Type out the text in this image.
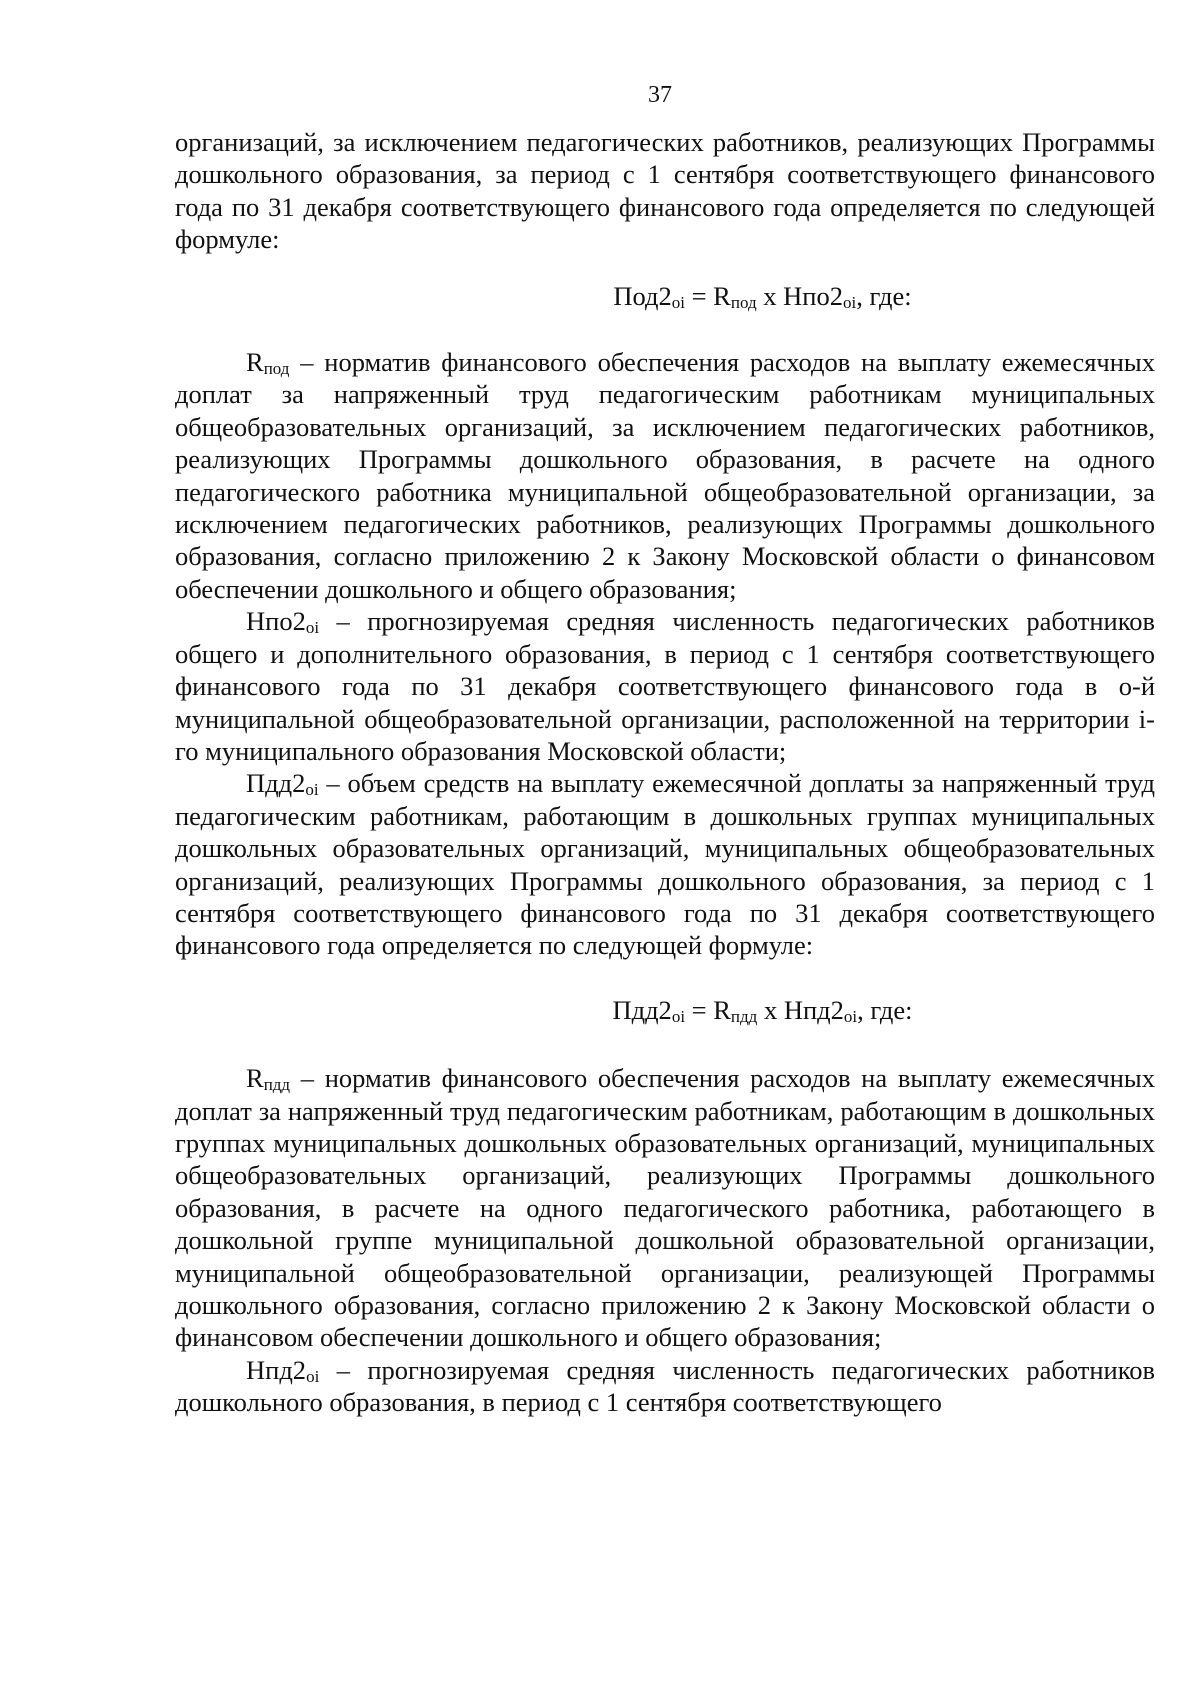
37

организаций, за исключением педагогических работников, реализующих Программы дошкольного образования, за период с 1 сентября соответствующего финансового года по 31 декабря соответствующего финансового года определяется по следующей формуле:

$Под2_{oi} = R_{под}$ х $Нпо2_{oi}$, где:

$R_{под}$ – норматив финансового обеспечения расходов на выплату ежемесячных доплат за напряженный труд педагогическим работникам муниципальных общеобразовательных организаций, за исключением педагогических работников, реализующих Программы дошкольного образования, в расчете на одного педагогического работника муниципальной общеобразовательной организации, за исключением педагогических работников, реализующих Программы дошкольного образования, согласно приложению 2 к Закону Московской области о финансовом обеспечении дошкольного и общего образования;

$Нпо2_{oi}$ – прогнозируемая средняя численность педагогических работников общего и дополнительного образования, в период с 1 сентября соответствующего финансового года по 31 декабря соответствующего финансового года в о-й муниципальной общеобразовательной организации, расположенной на территории i-го муниципального образования Московской области;

$Пдд2_{oi}$ – объем средств на выплату ежемесячной доплаты за напряженный труд педагогическим работникам, работающим в дошкольных группах муниципальных дошкольных образовательных организаций, муниципальных общеобразовательных организаций, реализующих Программы дошкольного образования, за период с 1 сентября соответствующего финансового года по 31 декабря соответствующего финансового года определяется по следующей формуле:

$Пдд2_{oi} = R_{пдд}$ х $Нпд2_{oi}$, где:

$R_{пдд}$ – норматив финансового обеспечения расходов на выплату ежемесячных доплат за напряженный труд педагогическим работникам, работающим в дошкольных группах муниципальных дошкольных образовательных организаций, муниципальных общеобразовательных организаций, реализующих Программы дошкольного образования, в расчете на одного педагогического работника, работающего в дошкольной группе муниципальной дошкольной образовательной организации, муниципальной общеобразовательной организации, реализующей Программы дошкольного образования, согласно приложению 2 к Закону Московской области о финансовом обеспечении дошкольного и общего образования;

$Нпд2_{oi}$ – прогнозируемая средняя численность педагогических работников дошкольного образования, в период с 1 сентября соответствующего
